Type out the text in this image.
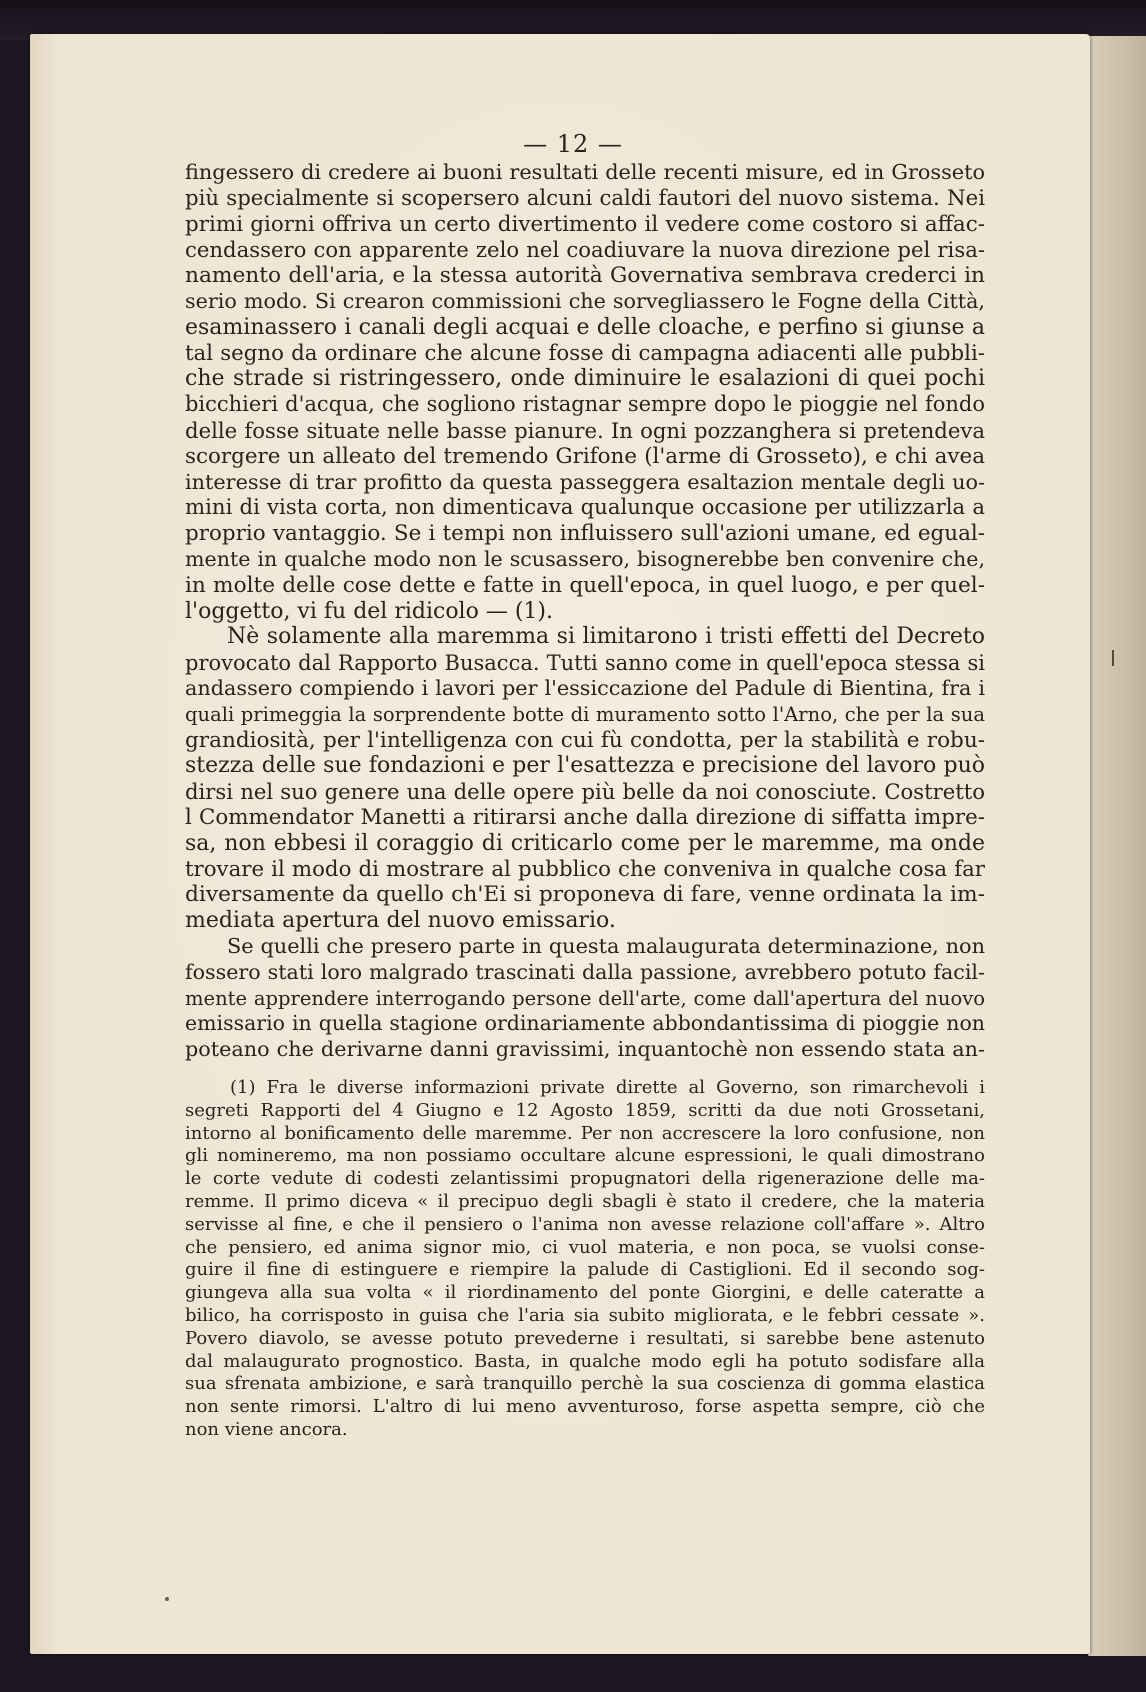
— 12 —
fingessero di credere ai buoni resultati delle recenti misure, ed in Grosseto
più specialmente si scopersero alcuni caldi fautori del nuovo sistema. Nei
primi giorni offriva un certo divertimento il vedere come costoro si affac-
cendassero con apparente zelo nel coadiuvare la nuova direzione pel risa-
namento dell'aria, e la stessa autorità Governativa sembrava crederci in
serio modo. Si crearon commissioni che sorvegliassero le Fogne della Città,
esaminassero i canali degli acquai e delle cloache, e perfino si giunse a
tal segno da ordinare che alcune fosse di campagna adiacenti alle pubbli-
che strade si ristringessero, onde diminuire le esalazioni di quei pochi
bicchieri d'acqua, che sogliono ristagnar sempre dopo le pioggie nel fondo
delle fosse situate nelle basse pianure. In ogni pozzanghera si pretendeva
scorgere un alleato del tremendo Grifone (l'arme di Grosseto), e chi avea
interesse di trar profitto da questa passeggera esaltazion mentale degli uo-
mini di vista corta, non dimenticava qualunque occasione per utilizzarla a
proprio vantaggio. Se i tempi non influissero sull'azioni umane, ed egual-
mente in qualche modo non le scusassero, bisognerebbe ben convenire che,
in molte delle cose dette e fatte in quell'epoca, in quel luogo, e per quel-
l'oggetto, vi fu del ridicolo — (1).
Nè solamente alla maremma si limitarono i tristi effetti del Decreto
provocato dal Rapporto Busacca. Tutti sanno come in quell'epoca stessa si
andassero compiendo i lavori per l'essiccazione del Padule di Bientina, fra i
quali primeggia la sorprendente botte di muramento sotto l'Arno, che per la sua
grandiosità, per l'intelligenza con cui fù condotta, per la stabilità e robu-
stezza delle sue fondazioni e per l'esattezza e precisione del lavoro può
dirsi nel suo genere una delle opere più belle da noi conosciute. Costretto
l Commendator Manetti a ritirarsi anche dalla direzione di siffatta impre-
sa, non ebbesi il coraggio di criticarlo come per le maremme, ma onde
trovare il modo di mostrare al pubblico che conveniva in qualche cosa far
diversamente da quello ch'Ei si proponeva di fare, venne ordinata la im-
mediata apertura del nuovo emissario.
Se quelli che presero parte in questa malaugurata determinazione, non
fossero stati loro malgrado trascinati dalla passione, avrebbero potuto facil-
mente apprendere interrogando persone dell'arte, come dall'apertura del nuovo
emissario in quella stagione ordinariamente abbondantissima di pioggie non
poteano che derivarne danni gravissimi, inquantochè non essendo stata an-
(1) Fra le diverse informazioni private dirette al Governo, son rimarchevoli i
segreti Rapporti del 4 Giugno e 12 Agosto 1859, scritti da due noti Grossetani,
intorno al bonificamento delle maremme. Per non accrescere la loro confusione, non
gli nomineremo, ma non possiamo occultare alcune espressioni, le quali dimostrano
le corte vedute di codesti zelantissimi propugnatori della rigenerazione delle ma-
remme. Il primo diceva « il precipuo degli sbagli è stato il credere, che la materia
servisse al fine, e che il pensiero o l'anima non avesse relazione coll'affare ». Altro
che pensiero, ed anima signor mio, ci vuol materia, e non poca, se vuolsi conse-
guire il fine di estinguere e riempire la palude di Castiglioni. Ed il secondo sog-
giungeva alla sua volta « il riordinamento del ponte Giorgini, e delle cateratte a
bilico, ha corrisposto in guisa che l'aria sia subito migliorata, e le febbri cessate ».
Povero diavolo, se avesse potuto prevederne i resultati, si sarebbe bene astenuto
dal malaugurato prognostico. Basta, in qualche modo egli ha potuto sodisfare alla
sua sfrenata ambizione, e sarà tranquillo perchè la sua coscienza di gomma elastica
non sente rimorsi. L'altro di lui meno avventuroso, forse aspetta sempre, ciò che
non viene ancora.
